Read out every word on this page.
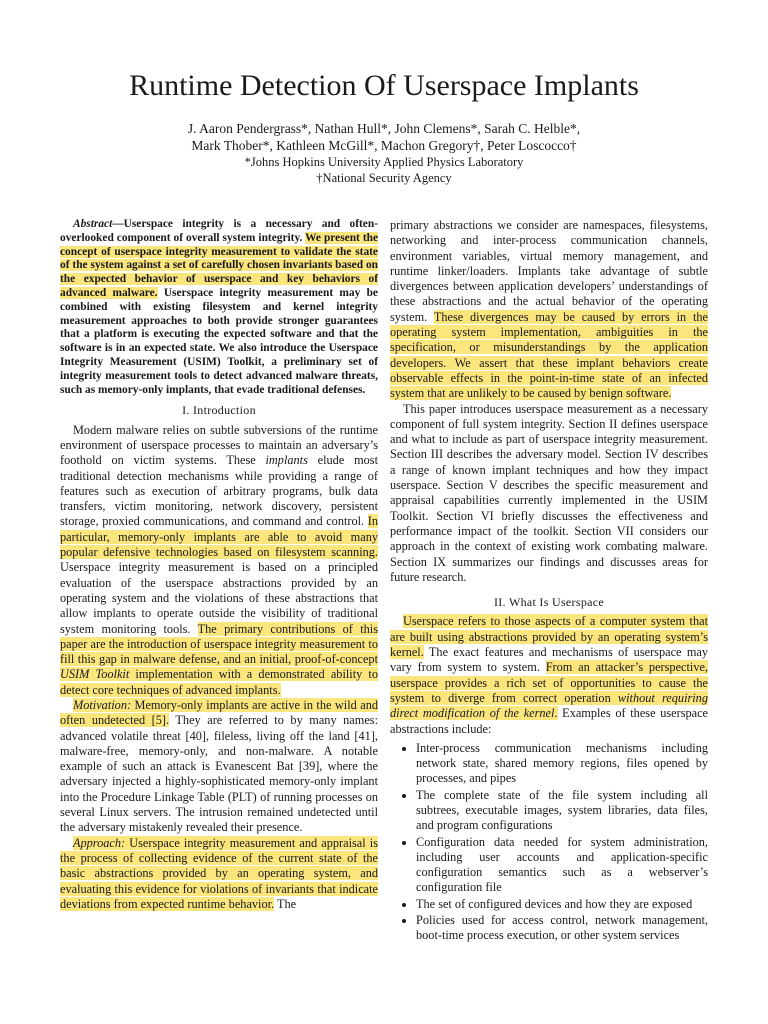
Runtime Detection Of Userspace Implants
J. Aaron Pendergrass*, Nathan Hull*, John Clemens*, Sarah C. Helble*,
Mark Thober*, Kathleen McGill*, Machon Gregory†, Peter Loscocco†
*Johns Hopkins University Applied Physics Laboratory
†National Security Agency

Abstract—Userspace integrity is a necessary and often-overlooked component of overall system integrity. We present the concept of userspace integrity measurement to validate the state of the system against a set of carefully chosen invariants based on the expected behavior of userspace and key behaviors of advanced malware. Userspace integrity measurement may be combined with existing filesystem and kernel integrity measurement approaches to both provide stronger guarantees that a platform is executing the expected software and that the software is in an expected state. We also introduce the Userspace Integrity Measurement (USIM) Toolkit, a preliminary set of integrity measurement tools to detect advanced malware threats, such as memory-only implants, that evade traditional defenses.

I. Introduction

Modern malware relies on subtle subversions of the runtime environment of userspace processes to maintain an adversary’s foothold on victim systems. These implants elude most traditional detection mechanisms while providing a range of features such as execution of arbitrary programs, bulk data transfers, victim monitoring, network discovery, persistent storage, proxied communications, and command and control. In particular, memory-only implants are able to avoid many popular defensive technologies based on filesystem scanning. Userspace integrity measurement is based on a principled evaluation of the userspace abstractions provided by an operating system and the violations of these abstractions that allow implants to operate outside the visibility of traditional system monitoring tools. The primary contributions of this paper are the introduction of userspace integrity measurement to fill this gap in malware defense, and an initial, proof-of-concept USIM Toolkit implementation with a demonstrated ability to detect core techniques of advanced implants.

Motivation: Memory-only implants are active in the wild and often undetected [5]. They are referred to by many names: advanced volatile threat [40], fileless, living off the land [41], malware-free, memory-only, and non-malware. A notable example of such an attack is Evanescent Bat [39], where the adversary injected a highly-sophisticated memory-only implant into the Procedure Linkage Table (PLT) of running processes on several Linux servers. The intrusion remained undetected until the adversary mistakenly revealed their presence.

Approach: Userspace integrity measurement and appraisal is the process of collecting evidence of the current state of the basic abstractions provided by an operating system, and evaluating this evidence for violations of invariants that indicate deviations from expected runtime behavior. The

primary abstractions we consider are namespaces, filesystems, networking and inter-process communication channels, environment variables, virtual memory management, and runtime linker/loaders. Implants take advantage of subtle divergences between application developers’ understandings of these abstractions and the actual behavior of the operating system. These divergences may be caused by errors in the operating system implementation, ambiguities in the specification, or misunderstandings by the application developers. We assert that these implant behaviors create observable effects in the point-in-time state of an infected system that are unlikely to be caused by benign software.

This paper introduces userspace measurement as a necessary component of full system integrity. Section II defines userspace and what to include as part of userspace integrity measurement. Section III describes the adversary model. Section IV describes a range of known implant techniques and how they impact userspace. Section V describes the specific measurement and appraisal capabilities currently implemented in the USIM Toolkit. Section VI briefly discusses the effectiveness and performance impact of the toolkit. Section VII considers our approach in the context of existing work combating malware. Section IX summarizes our findings and discusses areas for future research.

II. What Is Userspace

Userspace refers to those aspects of a computer system that are built using abstractions provided by an operating system’s kernel. The exact features and mechanisms of userspace may vary from system to system. From an attacker’s perspective, userspace provides a rich set of opportunities to cause the system to diverge from correct operation without requiring direct modification of the kernel. Examples of these userspace abstractions include:

• Inter-process communication mechanisms including network state, shared memory regions, files opened by processes, and pipes
• The complete state of the file system including all subtrees, executable images, system libraries, data files, and program configurations
• Configuration data needed for system administration, including user accounts and application-specific configuration semantics such as a webserver’s configuration file
• The set of configured devices and how they are exposed
• Policies used for access control, network management, boot-time process execution, or other system services
